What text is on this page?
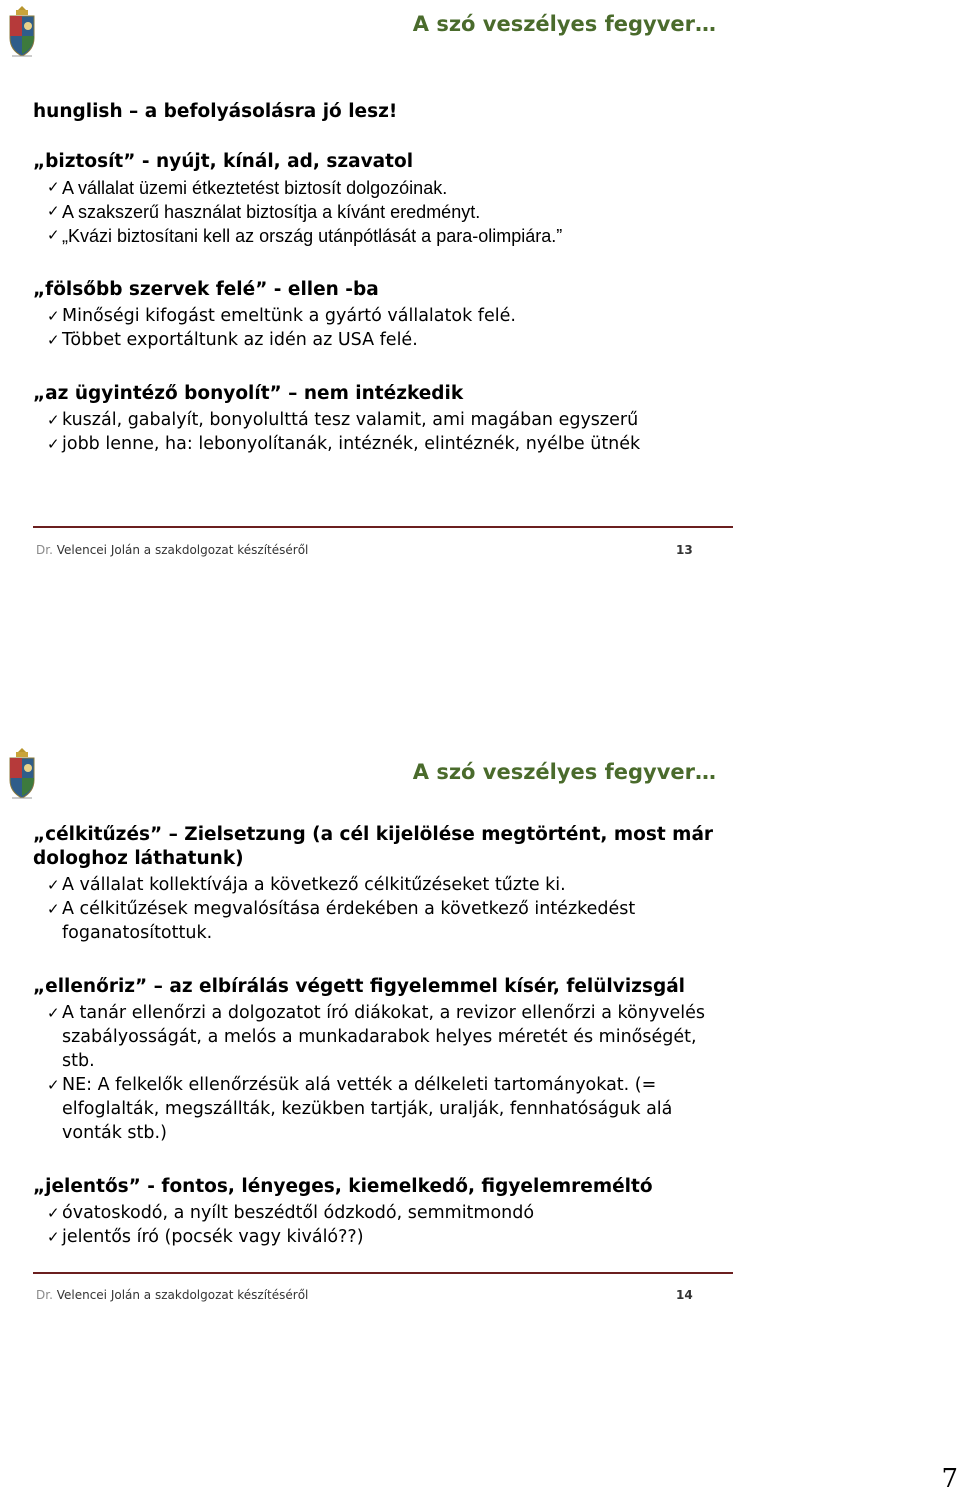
A szó veszélyes fegyver…

hunglish – a befolyásolásra jó lesz!

„biztosít” - nyújt, kínál, ad, szavatol

✓ A vállalat üzemi étkeztetést biztosít dolgozóinak.
✓ A szakszerű használat biztosítja a kívánt eredményt.
✓ „Kvázi biztosítani kell az ország utánpótlását a para-olimpiára.”

„fölsőbb szervek felé” - ellen -ba

✓ Minőségi kifogást emeltünk a gyártó vállalatok felé.
✓ Többet exportáltunk az idén az USA felé.

„az ügyintéző bonyolít” – nem intézkedik

✓ kuszál, gabalyít, bonyolulttá tesz valamit, ami magában egyszerű
✓ jobb lenne, ha: lebonyolítanák, intéznék, elintéznék, nyélbe ütnék
Dr. Velencei Jolán a szakdolgozat készítéséről	13
A szó veszélyes fegyver…

„célkitűzés” – Zielsetzung (a cél kijelölése megtörtént, most már dologhoz láthatunk)

✓ A vállalat kollektívája a következő célkitűzéseket tűzte ki.
✓ A célkitűzések megvalósítása érdekében a következő intézkedést foganatosítottuk.

„ellenőriz” – az elbírálás végett figyelemmel kísér, felülvizsgál

✓ A tanár ellenőrzi a dolgozatot író diákokat, a revizor ellenőrzi a könyvelés szabályosságát, a melós a munkadarabok helyes méretét és minőségét, stb.
✓ NE: A felkelők ellenőrzésük alá vették a délkeleti tartományokat. (= elfoglalták, megszállták, kezükben tartják, uralják, fennhatóságuk alá vonták stb.)

„jelentős” - fontos, lényeges, kiemelkedő, figyelemreméltó

✓ óvatoskodó, a nyílt beszédtől ódzkodó, semmitmondó
✓ jelentős író (pocsék vagy kiváló??)
Dr. Velencei Jolán a szakdolgozat készítéséről	14
7
